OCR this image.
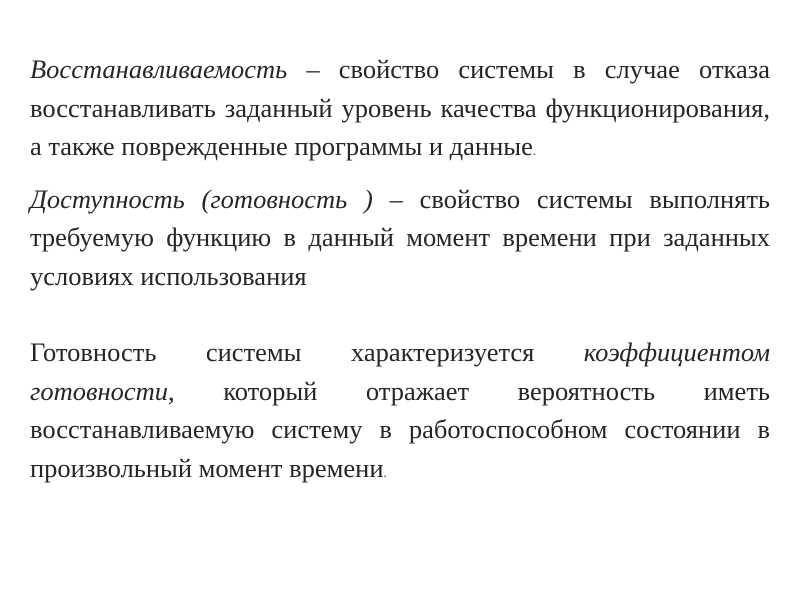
Восстанавливаемость – свойство системы в случае отказа восстанавливать заданный уровень качества функционирования, а также поврежденные программы и данные.

Доступность (готовность ) – свойство системы выполнять требуемую функцию в данный момент времени при заданных условиях использования

Готовность системы характеризуется коэффициентом готовности, который отражает вероятность иметь восстанавливаемую систему в работоспособном состоянии в произвольный момент времени.
